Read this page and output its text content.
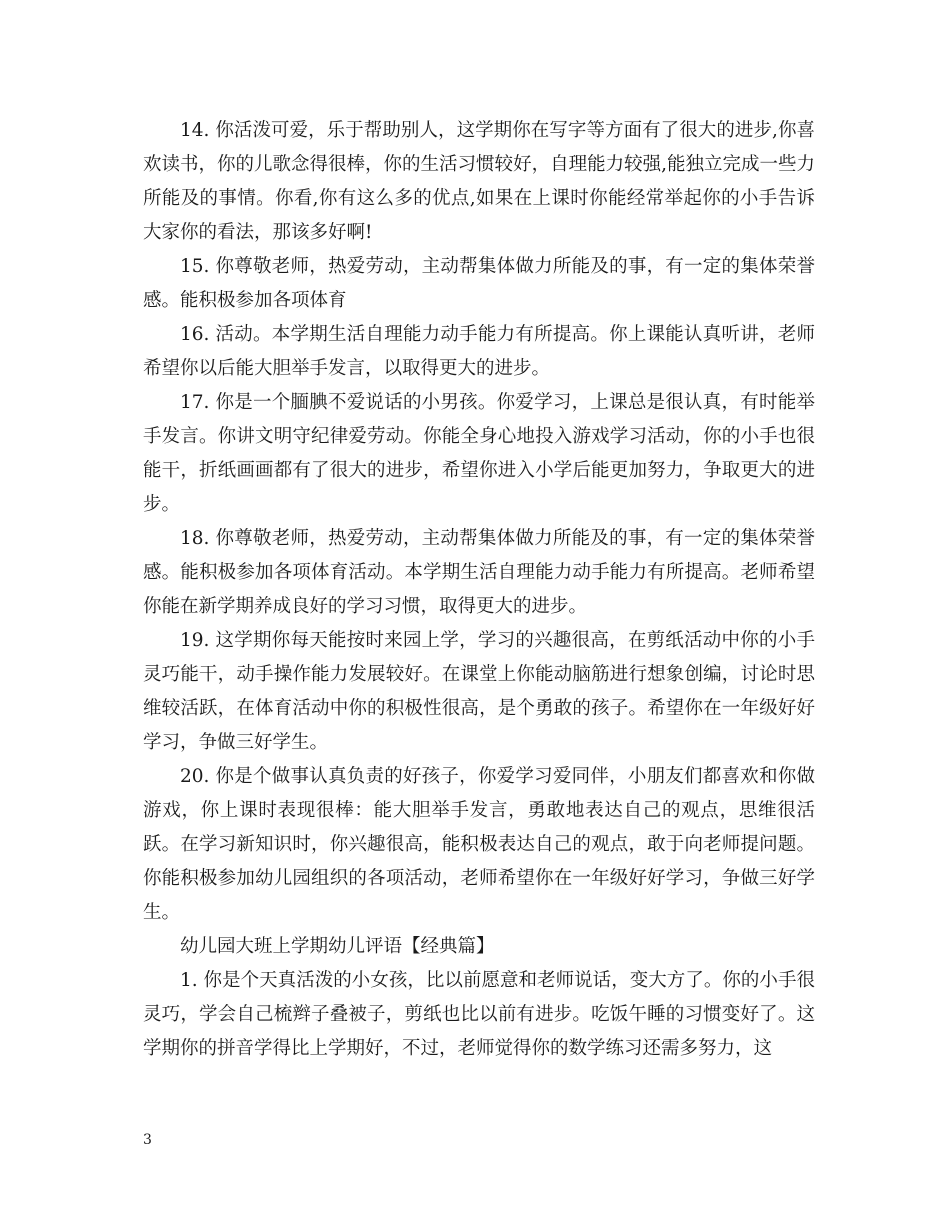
14. 你活泼可爱，乐于帮助别人，这学期你在写字等方面有了很大的进步,你喜欢读书，你的儿歌念得很棒，你的生活习惯较好，自理能力较强,能独立完成一些力所能及的事情。你看,你有这么多的优点,如果在上课时你能经常举起你的小手告诉大家你的看法，那该多好啊!

15. 你尊敬老师，热爱劳动，主动帮集体做力所能及的事，有一定的集体荣誉感。能积极参加各项体育

16. 活动。本学期生活自理能力动手能力有所提高。你上课能认真听讲，老师希望你以后能大胆举手发言，以取得更大的进步。

17. 你是一个腼腆不爱说话的小男孩。你爱学习，上课总是很认真，有时能举手发言。你讲文明守纪律爱劳动。你能全身心地投入游戏学习活动，你的小手也很能干，折纸画画都有了很大的进步，希望你进入小学后能更加努力，争取更大的进步。

18. 你尊敬老师，热爱劳动，主动帮集体做力所能及的事，有一定的集体荣誉感。能积极参加各项体育活动。本学期生活自理能力动手能力有所提高。老师希望你能在新学期养成良好的学习习惯，取得更大的进步。

19. 这学期你每天能按时来园上学，学习的兴趣很高，在剪纸活动中你的小手灵巧能干，动手操作能力发展较好。在课堂上你能动脑筋进行想象创编，讨论时思维较活跃，在体育活动中你的积极性很高，是个勇敢的孩子。希望你在一年级好好学习，争做三好学生。

20. 你是个做事认真负责的好孩子，你爱学习爱同伴，小朋友们都喜欢和你做游戏，你上课时表现很棒：能大胆举手发言，勇敢地表达自己的观点，思维很活跃。在学习新知识时，你兴趣很高，能积极表达自己的观点，敢于向老师提问题。你能积极参加幼儿园组织的各项活动，老师希望你在一年级好好学习，争做三好学生。

幼儿园大班上学期幼儿评语【经典篇】

1. 你是个天真活泼的小女孩，比以前愿意和老师说话，变大方了。你的小手很灵巧，学会自己梳辫子叠被子，剪纸也比以前有进步。吃饭午睡的习惯变好了。这学期你的拼音学得比上学期好，不过，老师觉得你的数学练习还需多努力，这

3
